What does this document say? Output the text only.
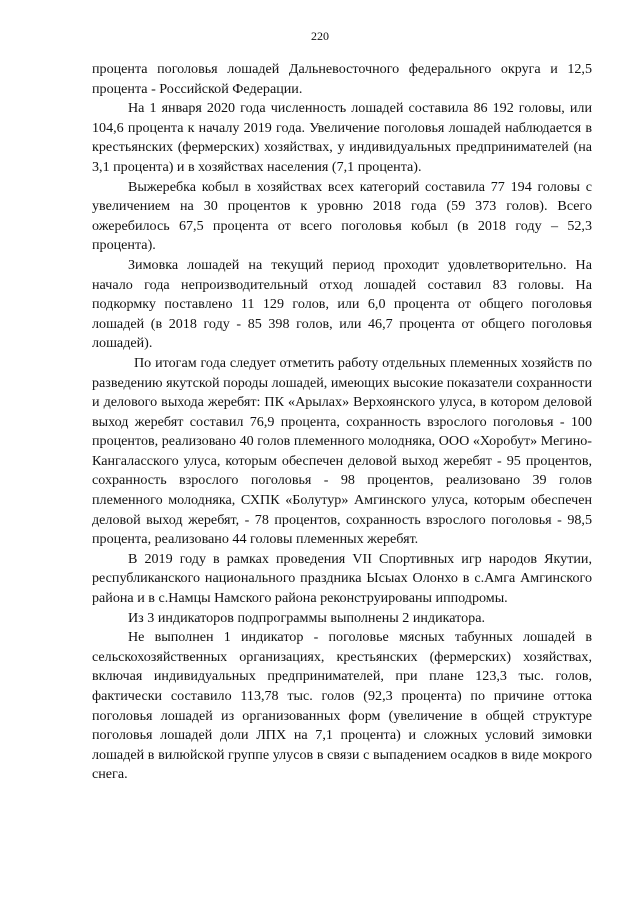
220

процента поголовья лошадей Дальневосточного федерального округа и 12,5 процента - Российской Федерации.

На 1 января 2020 года численность лошадей составила 86 192 головы, или 104,6 процента к началу 2019 года. Увеличение поголовья лошадей наблюдается в крестьянских (фермерских) хозяйствах, у индивидуальных предпринимателей (на 3,1 процента) и в хозяйствах населения (7,1 процента).

Выжеребка кобыл в хозяйствах всех категорий составила 77 194 головы с увеличением на 30 процентов к уровню 2018 года (59 373 голов). Всего ожеребилось 67,5 процента от всего поголовья кобыл (в 2018 году – 52,3 процента).

Зимовка лошадей на текущий период проходит удовлетворительно. На начало года непроизводительный отход лошадей составил 83 головы. На подкормку поставлено 11 129 голов, или 6,0 процента от общего поголовья лошадей (в 2018 году - 85 398 голов, или 46,7 процента от общего поголовья лошадей).

По итогам года следует отметить работу отдельных племенных хозяйств по разведению якутской породы лошадей, имеющих высокие показатели сохранности и делового выхода жеребят: ПК «Арылах» Верхоянского улуса, в котором деловой выход жеребят составил 76,9 процента, сохранность взрослого поголовья - 100 процентов, реализовано 40 голов племенного молодняка, ООО «Хоробут» Мегино-Кангаласского улуса, которым обеспечен деловой выход жеребят - 95 процентов, сохранность взрослого поголовья - 98 процентов, реализовано 39 голов племенного молодняка, СХПК «Болутур» Амгинского улуса, которым обеспечен деловой выход жеребят, - 78 процентов, сохранность взрослого поголовья - 98,5 процента, реализовано 44 головы племенных жеребят.

В 2019 году в рамках проведения VII Спортивных игр народов Якутии, республиканского национального праздника Ысыах Олонхо в с.Амга Амгинского района и в с.Намцы Намского района реконструированы ипподромы.

Из 3 индикаторов подпрограммы выполнены 2 индикатора.

Не выполнен 1 индикатор - поголовье мясных табунных лошадей в сельскохозяйственных организациях, крестьянских (фермерских) хозяйствах, включая индивидуальных предпринимателей, при плане 123,3 тыс. голов, фактически составило 113,78 тыс. голов (92,3 процента) по причине оттока поголовья лошадей из организованных форм (увеличение в общей структуре поголовья лошадей доли ЛПХ на 7,1 процента) и сложных условий зимовки лошадей в вилюйской группе улусов в связи с выпадением осадков в виде мокрого снега.
